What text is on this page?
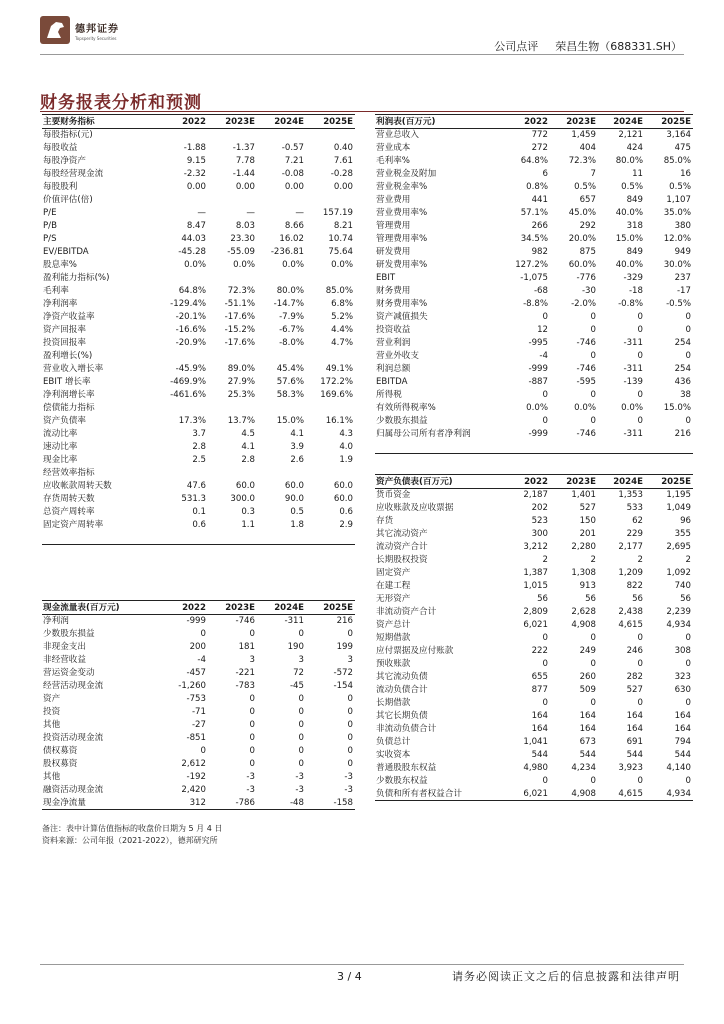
德邦证券
Topsperity Securities
公司点评 荣昌生物（688331.SH）
财务报表分析和预测
主要财务指标	2022	2023E	2024E	2025E
每股指标(元)				
每股收益	-1.88	-1.37	-0.57	0.40
每股净资产	9.15	7.78	7.21	7.61
每股经营现金流	-2.32	-1.44	-0.08	-0.28
每股股利	0.00	0.00	0.00	0.00
价值评估(倍)				
P/E	—	—	—	157.19
P/B	8.47	8.03	8.66	8.21
P/S	44.03	23.30	16.02	10.74
EV/EBITDA	-45.28	-55.09	-236.81	75.64
股息率%	0.0%	0.0%	0.0%	0.0%
盈利能力指标(%)				
毛利率	64.8%	72.3%	80.0%	85.0%
净利润率	-129.4%	-51.1%	-14.7%	6.8%
净资产收益率	-20.1%	-17.6%	-7.9%	5.2%
资产回报率	-16.6%	-15.2%	-6.7%	4.4%
投资回报率	-20.9%	-17.6%	-8.0%	4.7%
盈利增长(%)				
营业收入增长率	-45.9%	89.0%	45.4%	49.1%
EBIT 增长率	-469.9%	27.9%	57.6%	172.2%
净利润增长率	-461.6%	25.3%	58.3%	169.6%
偿债能力指标				
资产负债率	17.3%	13.7%	15.0%	16.1%
流动比率	3.7	4.5	4.1	4.3
速动比率	2.8	4.1	3.9	4.0
现金比率	2.5	2.8	2.6	1.9
经营效率指标				
应收帐款周转天数	47.6	60.0	60.0	60.0
存货周转天数	531.3	300.0	90.0	60.0
总资产周转率	0.1	0.3	0.5	0.6
固定资产周转率	0.6	1.1	1.8	2.9

利润表(百万元)	2022	2023E	2024E	2025E
营业总收入	772	1,459	2,121	3,164
营业成本	272	404	424	475
毛利率%	64.8%	72.3%	80.0%	85.0%
营业税金及附加	6	7	11	16
营业税金率%	0.8%	0.5%	0.5%	0.5%
营业费用	441	657	849	1,107
营业费用率%	57.1%	45.0%	40.0%	35.0%
管理费用	266	292	318	380
管理费用率%	34.5%	20.0%	15.0%	12.0%
研发费用	982	875	849	949
研发费用率%	127.2%	60.0%	40.0%	30.0%
EBIT	-1,075	-776	-329	237
财务费用	-68	-30	-18	-17
财务费用率%	-8.8%	-2.0%	-0.8%	-0.5%
资产减值损失	0	0	0	0
投资收益	12	0	0	0
营业利润	-995	-746	-311	254
营业外收支	-4	0	0	0
利润总额	-999	-746	-311	254
EBITDA	-887	-595	-139	436
所得税	0	0	0	38
有效所得税率%	0.0%	0.0%	0.0%	15.0%
少数股东损益	0	0	0	0
归属母公司所有者净利润	-999	-746	-311	216

资产负债表(百万元)	2022	2023E	2024E	2025E
货币资金	2,187	1,401	1,353	1,195
应收账款及应收票据	202	527	533	1,049
存货	523	150	62	96
其它流动资产	300	201	229	355
流动资产合计	3,212	2,280	2,177	2,695
长期股权投资	2	2	2	2
固定资产	1,387	1,308	1,209	1,092
在建工程	1,015	913	822	740
无形资产	56	56	56	56
非流动资产合计	2,809	2,628	2,438	2,239
资产总计	6,021	4,908	4,615	4,934
短期借款	0	0	0	0
应付票据及应付账款	222	249	246	308
预收账款	0	0	0	0
其它流动负债	655	260	282	323
流动负债合计	877	509	527	630
长期借款	0	0	0	0
其它长期负债	164	164	164	164
非流动负债合计	164	164	164	164
负债总计	1,041	673	691	794
实收资本	544	544	544	544
普通股股东权益	4,980	4,234	3,923	4,140
少数股东权益	0	0	0	0
负债和所有者权益合计	6,021	4,908	4,615	4,934
现金流量表(百万元)	2022	2023E	2024E	2025E
净利润	-999	-746	-311	216
少数股东损益	0	0	0	0
非现金支出	200	181	190	199
非经营收益	-4	3	3	3
营运资金变动	-457	-221	72	-572
经营活动现金流	-1,260	-783	-45	-154
资产	-753	0	0	0
投资	-71	0	0	0
其他	-27	0	0	0
投资活动现金流	-851	0	0	0
债权募资	0	0	0	0
股权募资	2,612	0	0	0
其他	-192	-3	-3	-3
融资活动现金流	2,420	-3	-3	-3
现金净流量	312	-786	-48	-158
备注：表中计算估值指标的收盘价日期为 5 月 4 日
资料来源：公司年报（2021-2022），德邦研究所
3 / 4	请务必阅读正文之后的信息披露和法律声明
